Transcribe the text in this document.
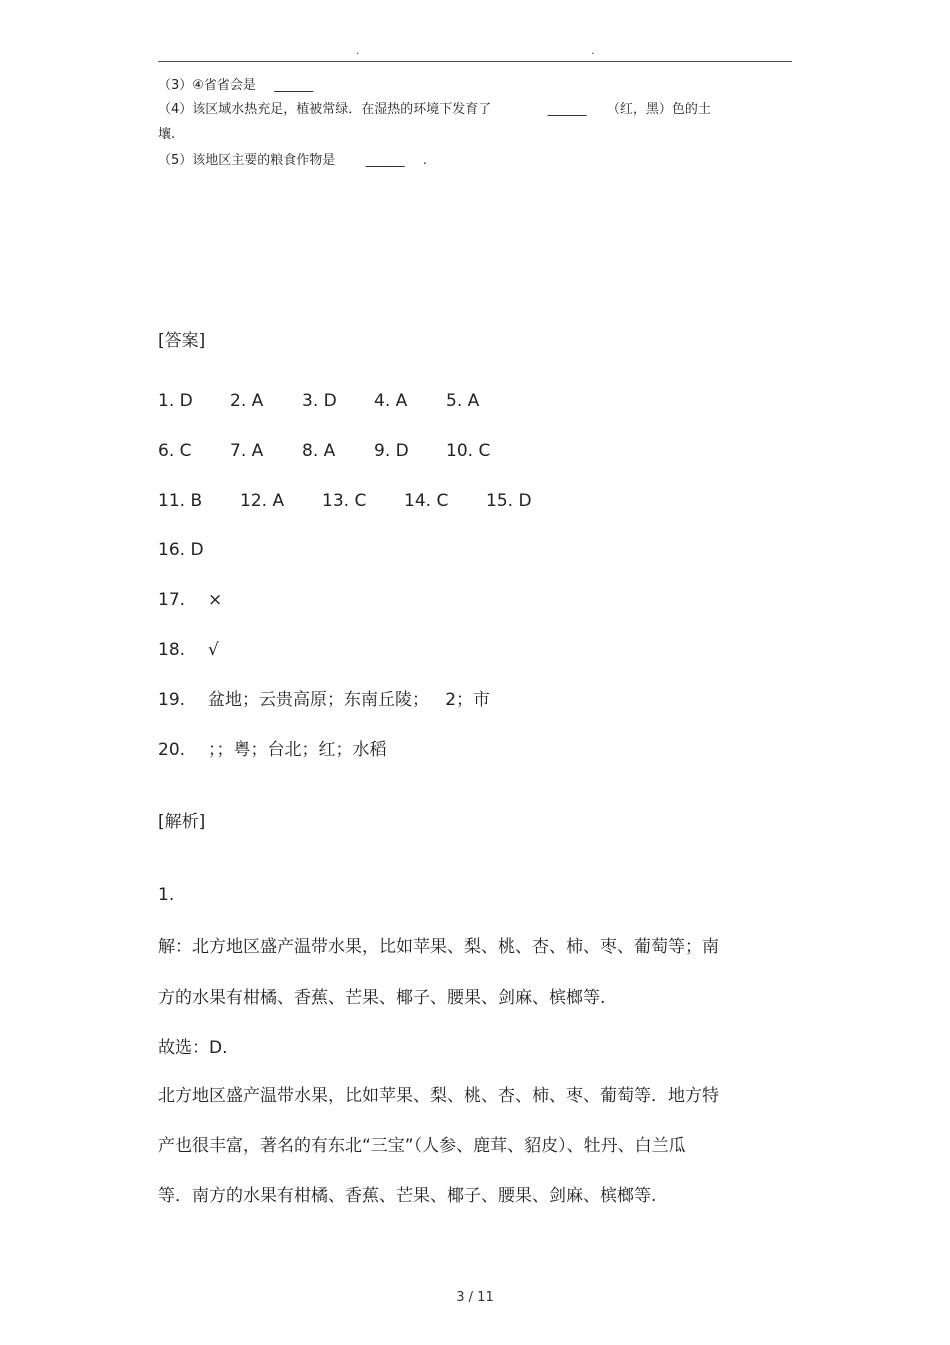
.	.
（3）④省省会是 ______
（4）该区域水热充足，植被常绿．在湿热的环境下发育了	______ （红，黑）色的土
壤.
（5）该地区主要的粮食作物是 ______ .
[答案]
1. D 2. A 3. D 4. A 5. A
6. C 7. A 8. A 9. D 10. C
11. B 12. A 13. C 14. C 15. D
16. D
17. ×
18. √
19. 盆地；云贵高原；东南丘陵；   2；市
20. ；；粤；台北；红；水稻
[解析]
1.
解：北方地区盛产温带水果，比如苹果、梨、桃、杏、柿、枣、葡萄等；南
方的水果有柑橘、香蕉、芒果、椰子、腰果、剑麻、槟榔等.
故选：D.
北方地区盛产温带水果，比如苹果、梨、桃、杏、柿、枣、葡萄等．地方特
产也很丰富，著名的有东北“三宝”（人参、鹿茸、貂皮）、牡丹、白兰瓜
等．南方的水果有柑橘、香蕉、芒果、椰子、腰果、剑麻、槟榔等.
3 / 11
